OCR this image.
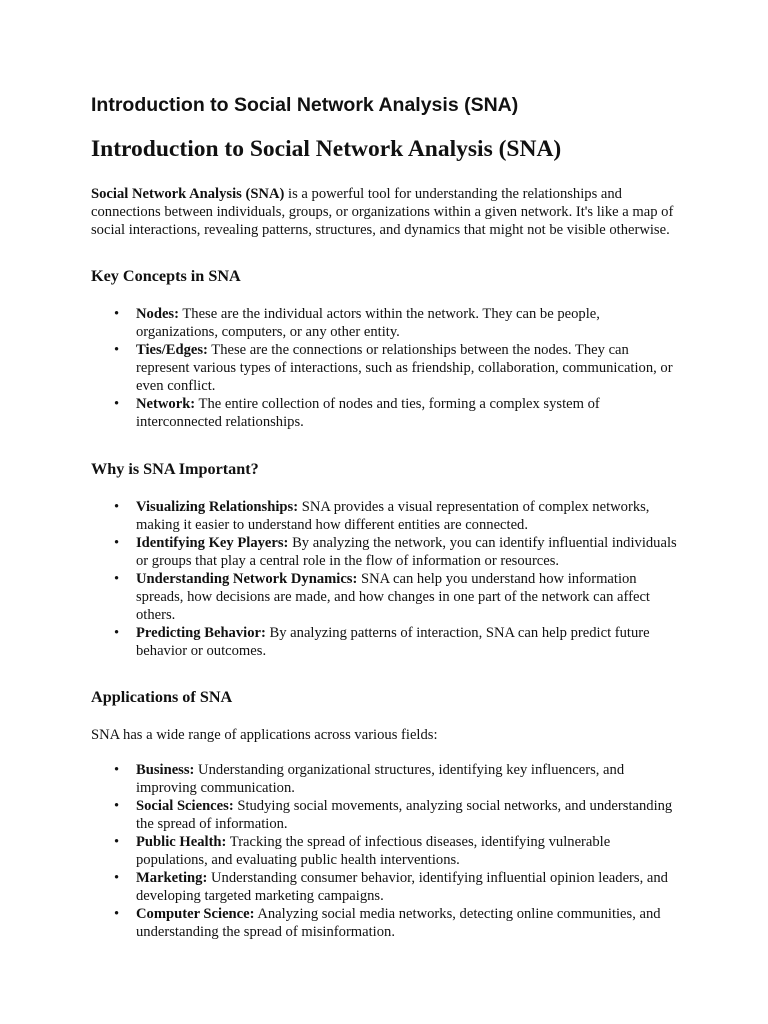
Introduction to Social Network Analysis (SNA)
Introduction to Social Network Analysis (SNA)

Social Network Analysis (SNA) is a powerful tool for understanding the relationships and connections between individuals, groups, or organizations within a given network. It's like a map of social interactions, revealing patterns, structures, and dynamics that might not be visible otherwise.

Key Concepts in SNA
• Nodes: These are the individual actors within the network. They can be people, organizations, computers, or any other entity.
• Ties/Edges: These are the connections or relationships between the nodes. They can represent various types of interactions, such as friendship, collaboration, communication, or even conflict.
• Network: The entire collection of nodes and ties, forming a complex system of interconnected relationships.
Why is SNA Important?
• Visualizing Relationships: SNA provides a visual representation of complex networks, making it easier to understand how different entities are connected.
• Identifying Key Players: By analyzing the network, you can identify influential individuals or groups that play a central role in the flow of information or resources.
• Understanding Network Dynamics: SNA can help you understand how information spreads, how decisions are made, and how changes in one part of the network can affect others.
• Predicting Behavior: By analyzing patterns of interaction, SNA can help predict future behavior or outcomes.
Applications of SNA

SNA has a wide range of applications across various fields:

• Business: Understanding organizational structures, identifying key influencers, and improving communication.
• Social Sciences: Studying social movements, analyzing social networks, and understanding the spread of information.
• Public Health: Tracking the spread of infectious diseases, identifying vulnerable populations, and evaluating public health interventions.
• Marketing: Understanding consumer behavior, identifying influential opinion leaders, and developing targeted marketing campaigns.
• Computer Science: Analyzing social media networks, detecting online communities, and understanding the spread of misinformation.
